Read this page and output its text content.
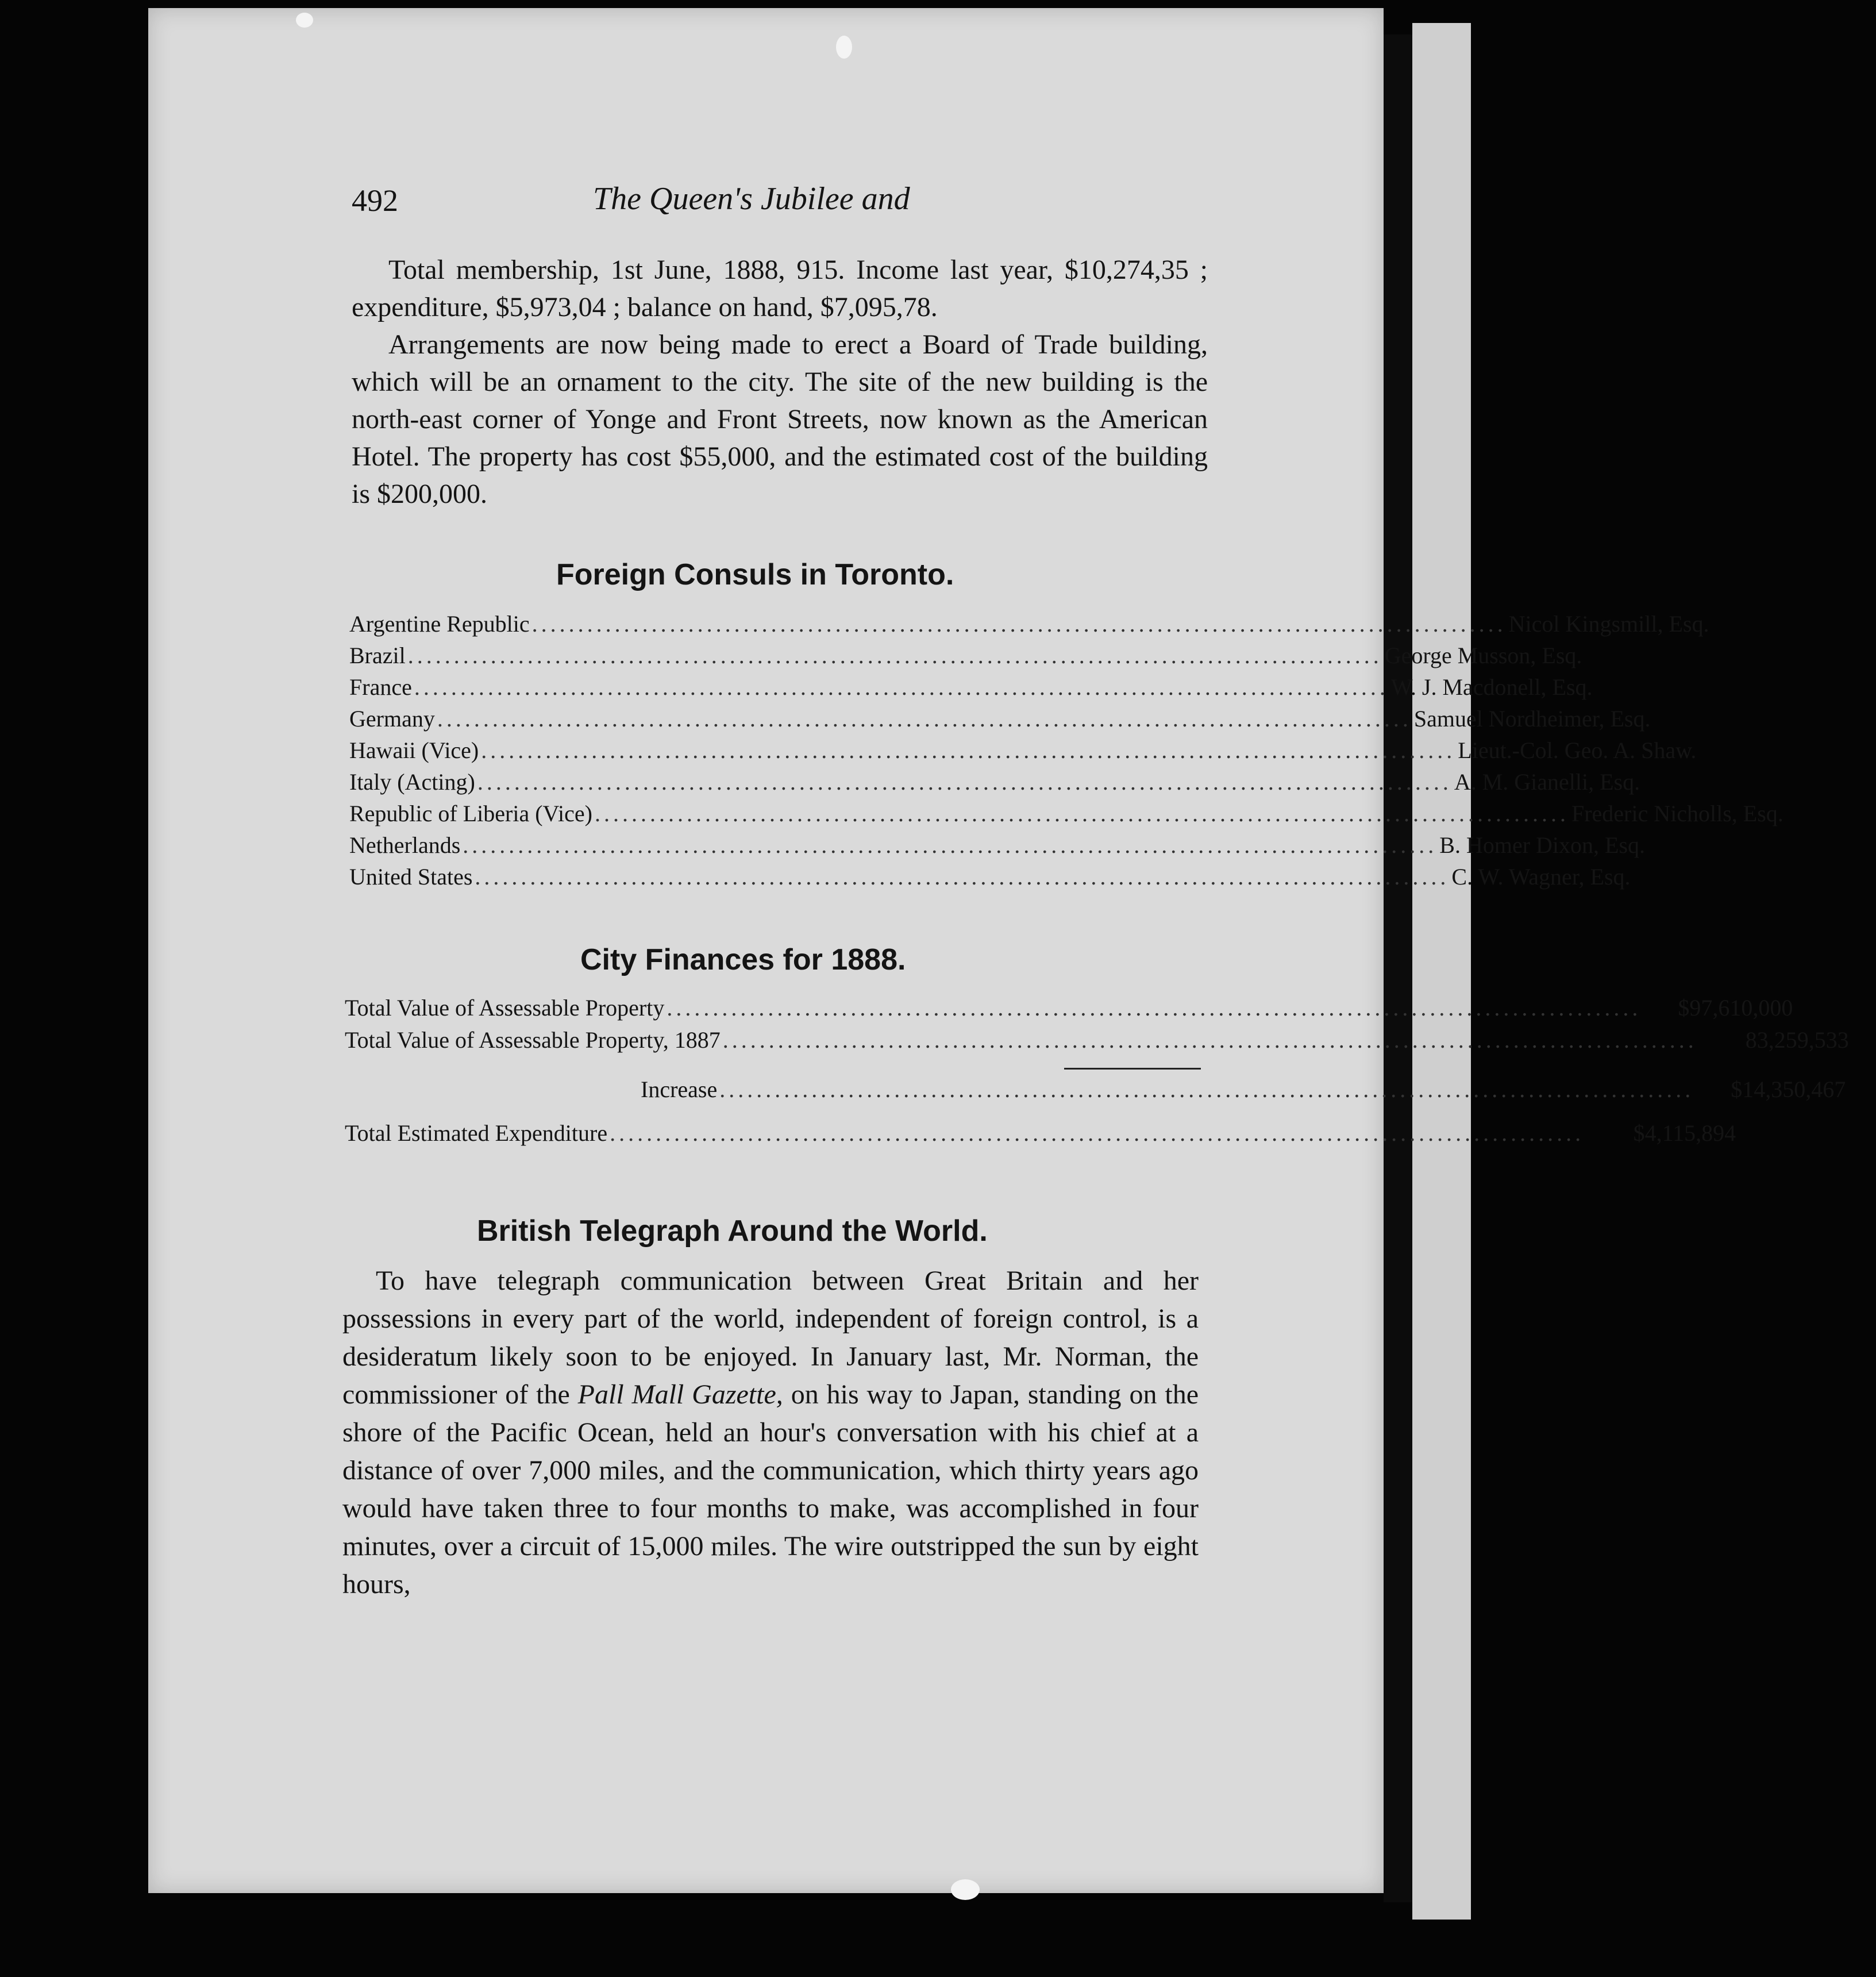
492	The Queen's Jubilee and
Total membership, 1st June, 1888, 915. Income last year, $10,274,35 ; expenditure, $5,973,04 ; balance on hand, $7,095,78.
Arrangements are now being made to erect a Board of Trade building, which will be an ornament to the city. The site of the new building is the north-east corner of Yonge and Front Streets, now known as the American Hotel. The property has cost $55,000, and the estimated cost of the building is $200,000.
Foreign Consuls in Toronto.
Argentine Republic .......................................................................................................... Nicol Kingsmill, Esq.
Brazil .......................................................................................................... George Musson, Esq.
France .......................................................................................................... W. J. Macdonell, Esq.
Germany .......................................................................................................... Samuel Nordheimer, Esq.
Hawaii (Vice) .......................................................................................................... Lieut.-Col. Geo. A. Shaw.
Italy (Acting) .......................................................................................................... A. M. Gianelli, Esq.
Republic of Liberia (Vice) .......................................................................................................... Frederic Nicholls, Esq.
Netherlands .......................................................................................................... B. Homer Dixon, Esq.
United States .......................................................................................................... C. W. Wagner, Esq.
City Finances for 1888.
Total Value of Assessable Property ..........................................................................................................	$97,610,000
Total Value of Assessable Property, 1887 ..........................................................................................................	83,259,533
Increase ..........................................................................................................	$14,350,467
Total Estimated Expenditure ..........................................................................................................	$4,115,894
British Telegraph Around the World.
To have telegraph communication between Great Britain and her possessions in every part of the world, independent of foreign control, is a desideratum likely soon to be enjoyed. In January last, Mr. Norman, the commissioner of the Pall Mall Gazette, on his way to Japan, standing on the shore of the Pacific Ocean, held an hour's conversation with his chief at a distance of over 7,000 miles, and the communication, which thirty years ago would have taken three to four months to make, was accomplished in four minutes, over a circuit of 15,000 miles. The wire outstripped the sun by eight hours,
